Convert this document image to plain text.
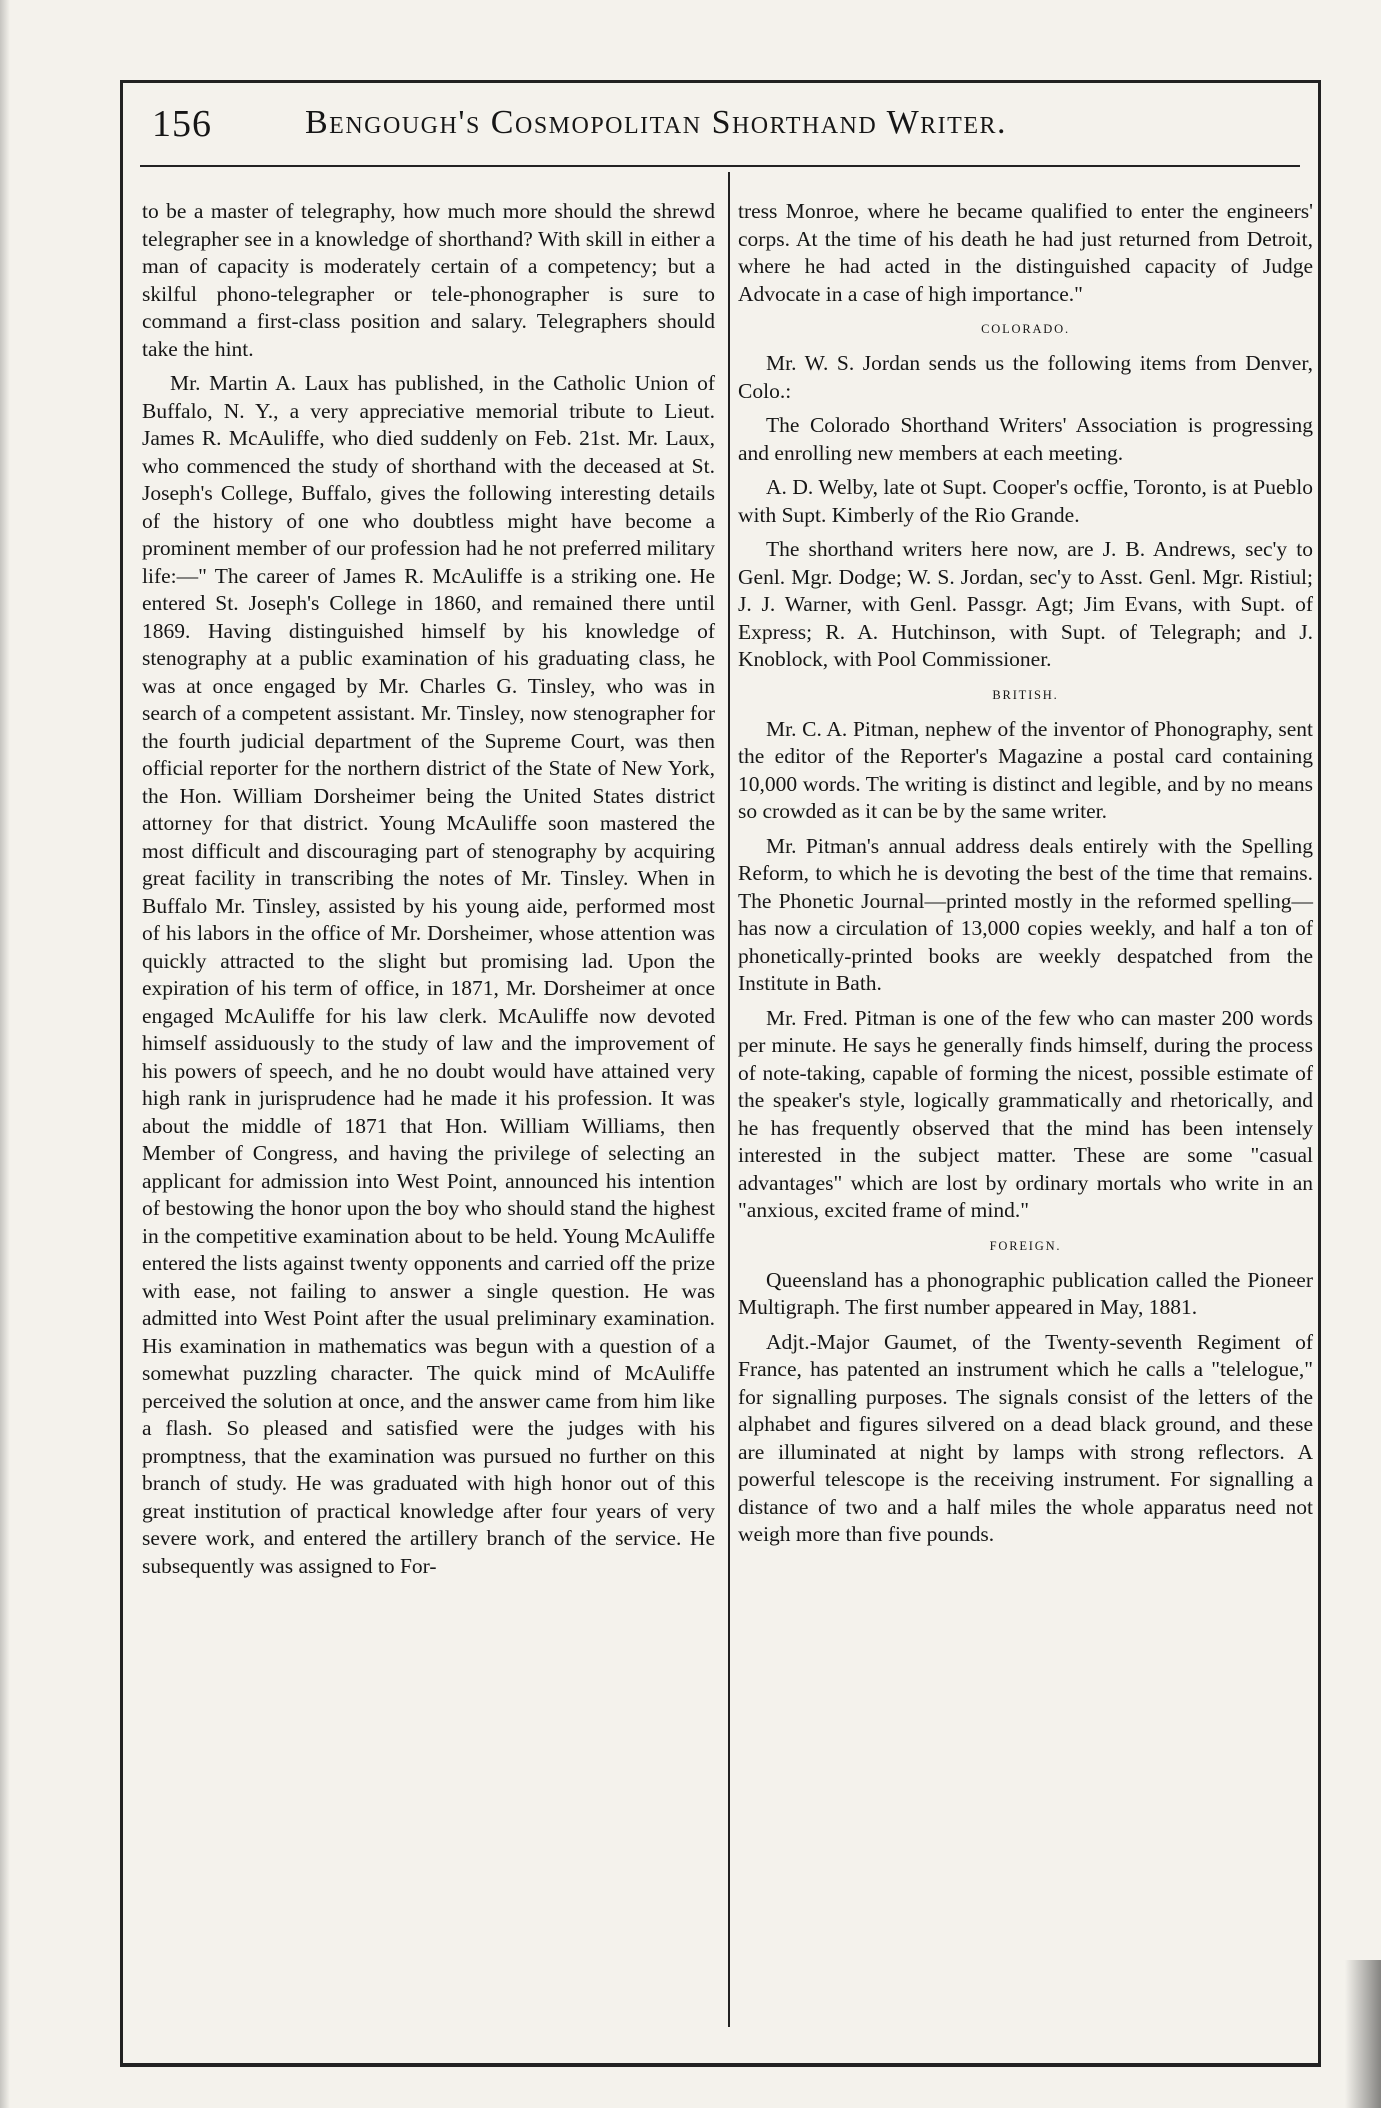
156	Bengough's Cosmopolitan Shorthand Writer.

to be a master of telegraphy, how much more should the shrewd telegrapher see in a knowledge of shorthand? With skill in either a man of capacity is moderately certain of a competency; but a skilful phono-telegrapher or tele-phonographer is sure to command a first-class position and salary. Telegraphers should take the hint.

Mr. Martin A. Laux has published, in the Catholic Union of Buffalo, N. Y., a very appreciative memorial tribute to Lieut. James R. McAuliffe, who died suddenly on Feb. 21st. Mr. Laux, who commenced the study of shorthand with the deceased at St. Joseph's College, Buffalo, gives the following interesting details of the history of one who doubtless might have become a prominent member of our profession had he not preferred military life:—" The career of James R. McAuliffe is a striking one. He entered St. Joseph's College in 1860, and remained there until 1869. Having distinguished himself by his knowledge of stenography at a public examination of his graduating class, he was at once engaged by Mr. Charles G. Tinsley, who was in search of a competent assistant. Mr. Tinsley, now stenographer for the fourth judicial department of the Supreme Court, was then official reporter for the northern district of the State of New York, the Hon. William Dorsheimer being the United States district attorney for that district. Young McAuliffe soon mastered the most difficult and discouraging part of stenography by acquiring great facility in transcribing the notes of Mr. Tinsley. When in Buffalo Mr. Tinsley, assisted by his young aide, performed most of his labors in the office of Mr. Dorsheimer, whose attention was quickly attracted to the slight but promising lad. Upon the expiration of his term of office, in 1871, Mr. Dorsheimer at once engaged McAuliffe for his law clerk. McAuliffe now devoted himself assiduously to the study of law and the improvement of his powers of speech, and he no doubt would have attained very high rank in jurisprudence had he made it his profession. It was about the middle of 1871 that Hon. William Williams, then Member of Congress, and having the privilege of selecting an applicant for admission into West Point, announced his intention of bestowing the honor upon the boy who should stand the highest in the competitive examination about to be held. Young McAuliffe entered the lists against twenty opponents and carried off the prize with ease, not failing to answer a single question. He was admitted into West Point after the usual preliminary examination. His examination in mathematics was begun with a question of a somewhat puzzling character. The quick mind of McAuliffe perceived the solution at once, and the answer came from him like a flash. So pleased and satisfied were the judges with his promptness, that the examination was pursued no further on this branch of study. He was graduated with high honor out of this great institution of practical knowledge after four years of very severe work, and entered the artillery branch of the service. He subsequently was assigned to For-

tress Monroe, where he became qualified to enter the engineers' corps. At the time of his death he had just returned from Detroit, where he had acted in the distinguished capacity of Judge Advocate in a case of high importance."

COLORADO.

Mr. W. S. Jordan sends us the following items from Denver, Colo.:

The Colorado Shorthand Writers' Association is progressing and enrolling new members at each meeting.

A. D. Welby, late ot Supt. Cooper's ocffie, Toronto, is at Pueblo with Supt. Kimberly of the Rio Grande.

The shorthand writers here now, are J. B. Andrews, sec'y to Genl. Mgr. Dodge; W. S. Jordan, sec'y to Asst. Genl. Mgr. Ristiul; J. J. Warner, with Genl. Passgr. Agt; Jim Evans, with Supt. of Express; R. A. Hutchinson, with Supt. of Telegraph; and J. Knoblock, with Pool Commissioner.

BRITISH.

Mr. C. A. Pitman, nephew of the inventor of Phonography, sent the editor of the Reporter's Magazine a postal card containing 10,000 words. The writing is distinct and legible, and by no means so crowded as it can be by the same writer.

Mr. Pitman's annual address deals entirely with the Spelling Reform, to which he is devoting the best of the time that remains. The Phonetic Journal—printed mostly in the reformed spelling—has now a circulation of 13,000 copies weekly, and half a ton of phonetically-printed books are weekly despatched from the Institute in Bath.

Mr. Fred. Pitman is one of the few who can master 200 words per minute. He says he generally finds himself, during the process of note-taking, capable of forming the nicest, possible estimate of the speaker's style, logically grammatically and rhetorically, and he has frequently observed that the mind has been intensely interested in the subject matter. These are some "casual advantages" which are lost by ordinary mortals who write in an "anxious, excited frame of mind."

FOREIGN.

Queensland has a phonographic publication called the Pioneer Multigraph. The first number appeared in May, 1881.

Adjt.-Major Gaumet, of the Twenty-seventh Regiment of France, has patented an instrument which he calls a "telelogue," for signalling purposes. The signals consist of the letters of the alphabet and figures silvered on a dead black ground, and these are illuminated at night by lamps with strong reflectors. A powerful telescope is the receiving instrument. For signalling a distance of two and a half miles the whole apparatus need not weigh more than five pounds.
